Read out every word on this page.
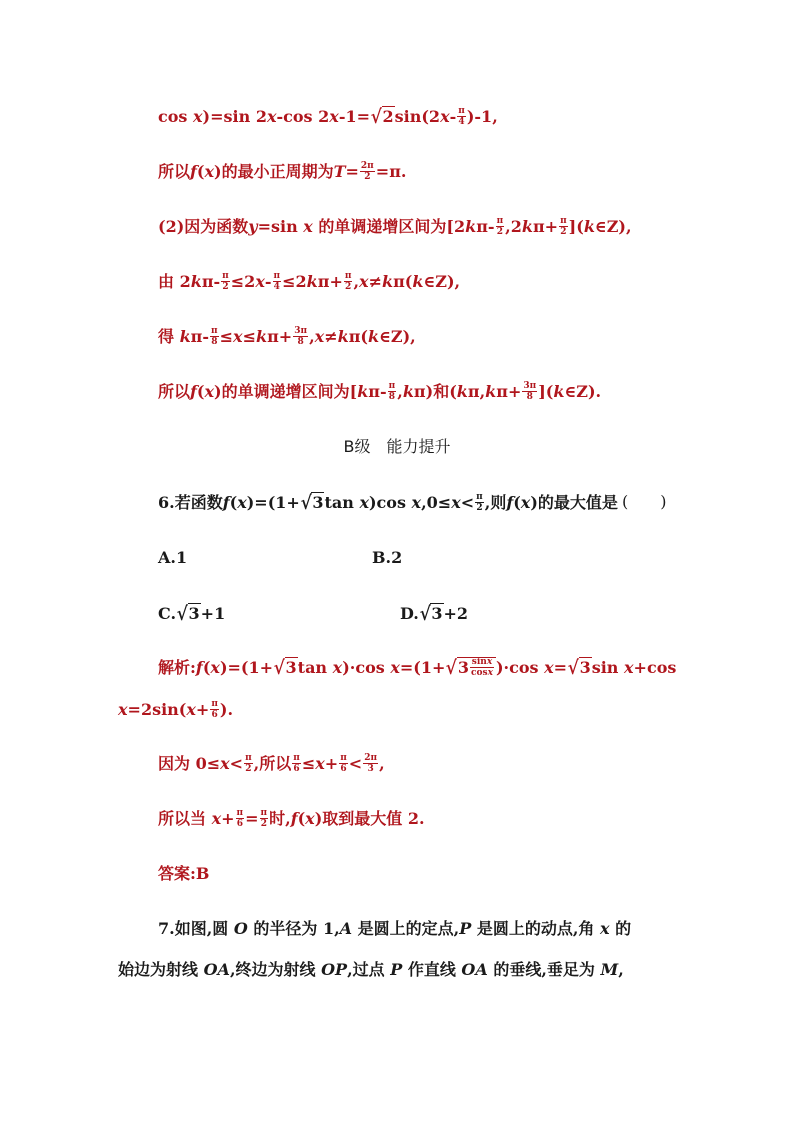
cos x)=sin 2x-cos $2x-1=√2\sin(2x- \frac{\pi}{4} )-1$,
所以f(x)的最小正周期为$T= \frac{2\pi}{2} =\pi$.
(2)因为函数y=sin x 的单调递增区间为[$2k\pi- \frac{\pi}{2} ,2k\pi+ \frac{\pi}{2}$ ](k∈Z),
由 $2k\pi- \frac{\pi}{2} \le 2x- \frac{\pi}{4} \le 2k\pi+ \frac{\pi}{2}$ ,x≠kπ(k∈Z),
得 $k\pi- \frac{\pi}{8} \le x\le k\pi+ \frac{3\pi}{8}$ ,x≠kπ(k∈Z),
所以f(x)的单调递增区间为$[k\pi- \frac{\pi}{8} ,k\pi)$和($k\pi,k\pi+ \frac{3\pi}{8}$ ](k∈Z).
B级　能力提升
6.若函数f(x)=(1+√3tan x)cos $x,0\le x< \frac{\pi}{2}$ ,则f(x)的最大值是 (　　)
A.1	B.2
C.√3+1	D.√3+2
解析:f(x)=(1+√3tan x)·cos $x=(1+√3 \frac{\sin x}{\cos x} )\cdot\cos$ x=√3sin x+cos
$x=2\sin(x+ \frac{\pi}{6}$ ).
因为 $0\le x< \frac{\pi}{2}$ ,所以 $\frac{\pi}{6} \le x+ \frac{\pi}{6} < \frac{2\pi}{3}$ ,
所以当 $x+ \frac{\pi}{6} = \frac{\pi}{2}$ 时,f(x)取到最大值 2.
答案:B
7.如图,圆 O 的半径为 1,A 是圆上的定点,P 是圆上的动点,角 x 的
始边为射线 OA,终边为射线 OP,过点 P 作直线 OA 的垂线,垂足为 M,
